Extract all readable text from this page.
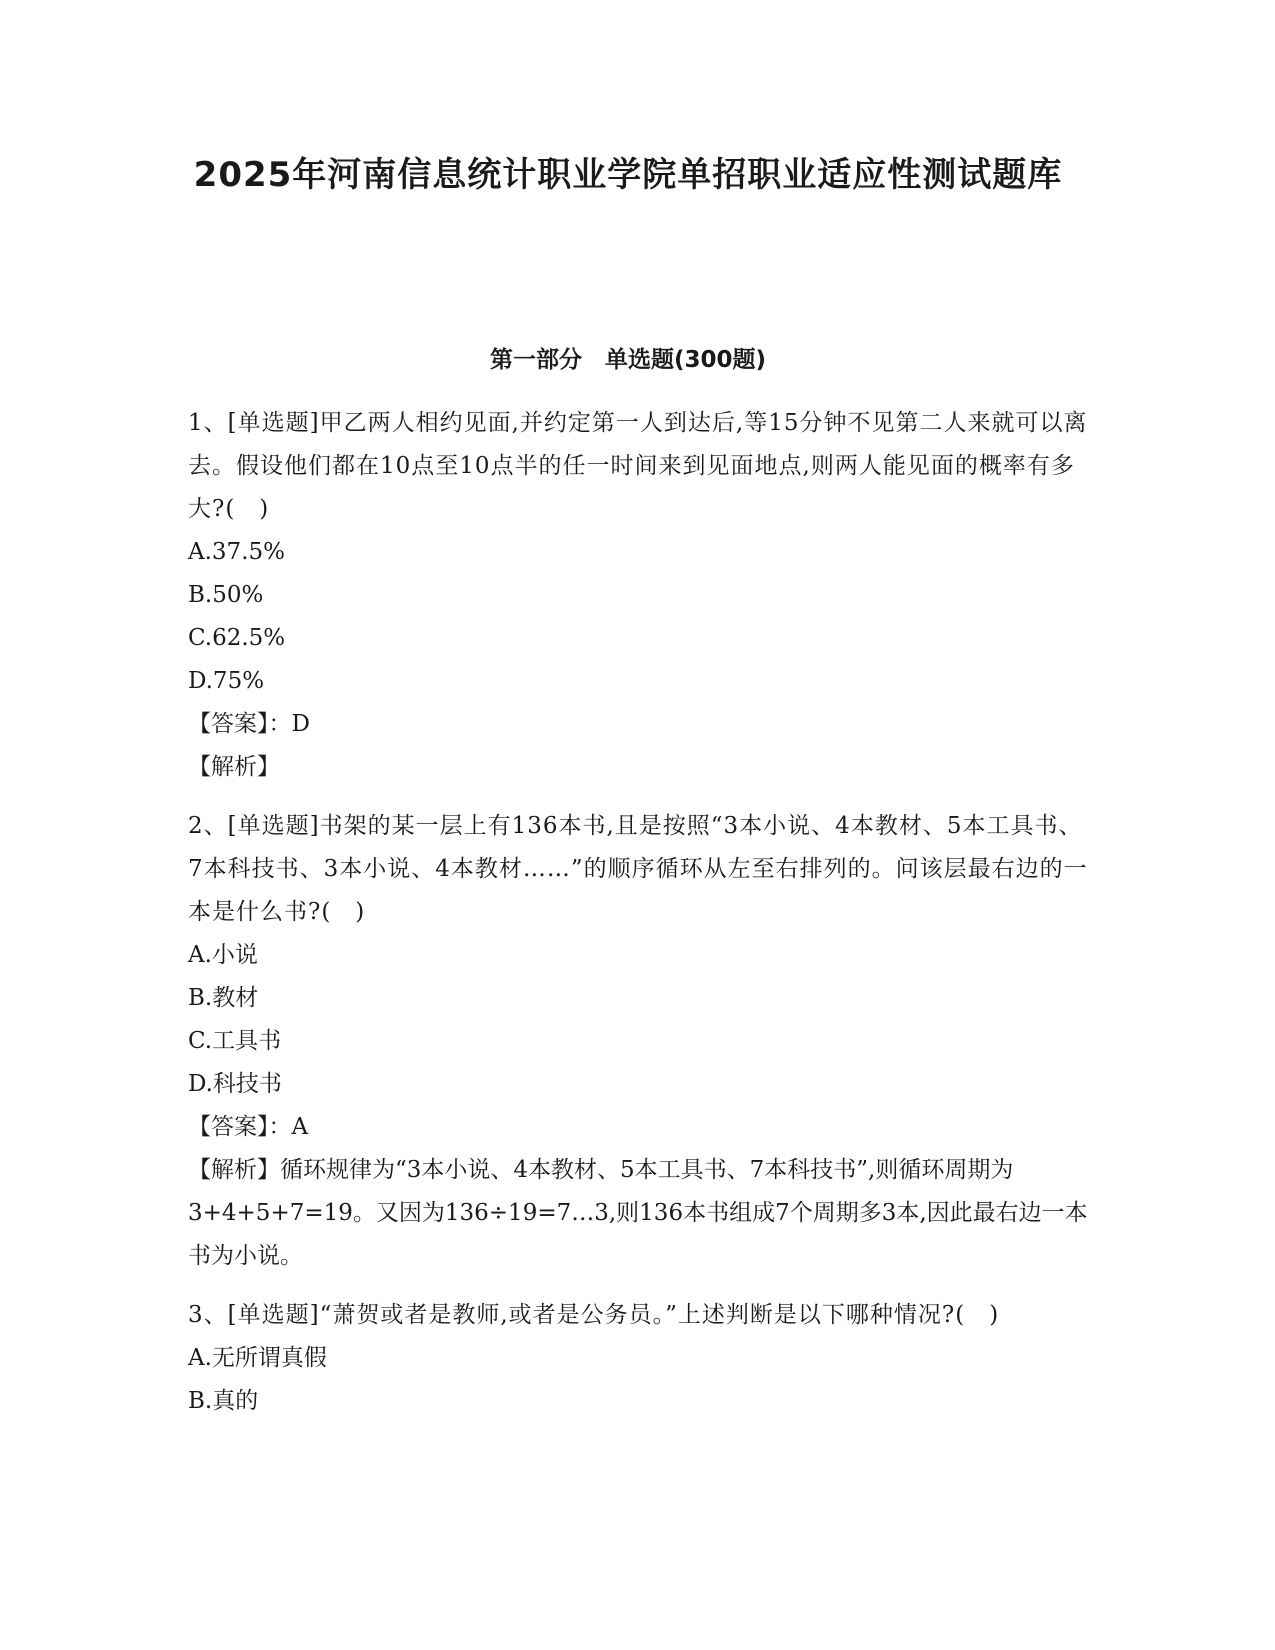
2025年河南信息统计职业学院单招职业适应性测试题库
第一部分　单选题(300题)

1、[单选题]甲乙两人相约见面,并约定第一人到达后,等15分钟不见第二人来就可以离去。假设他们都在10点至10点半的任一时间来到见面地点,则两人能见面的概率有多大?(　)

A.37.5%

B.50%

C.62.5%

D.75%

【答案】：D

【解析】

2、[单选题]书架的某一层上有136本书,且是按照“3本小说、4本教材、5本工具书、7本科技书、3本小说、4本教材……”的顺序循环从左至右排列的。问该层最右边的一本是什么书?(　)

A.小说

B.教材

C.工具书

D.科技书

【答案】：A

【解析】循环规律为“3本小说、4本教材、5本工具书、7本科技书”,则循环周期为3+4+5+7=19。又因为136÷19=7…3,则136本书组成7个周期多3本,因此最右边一本书为小说。

3、[单选题]“萧贺或者是教师,或者是公务员。”上述判断是以下哪种情况?(　)

A.无所谓真假

B.真的
